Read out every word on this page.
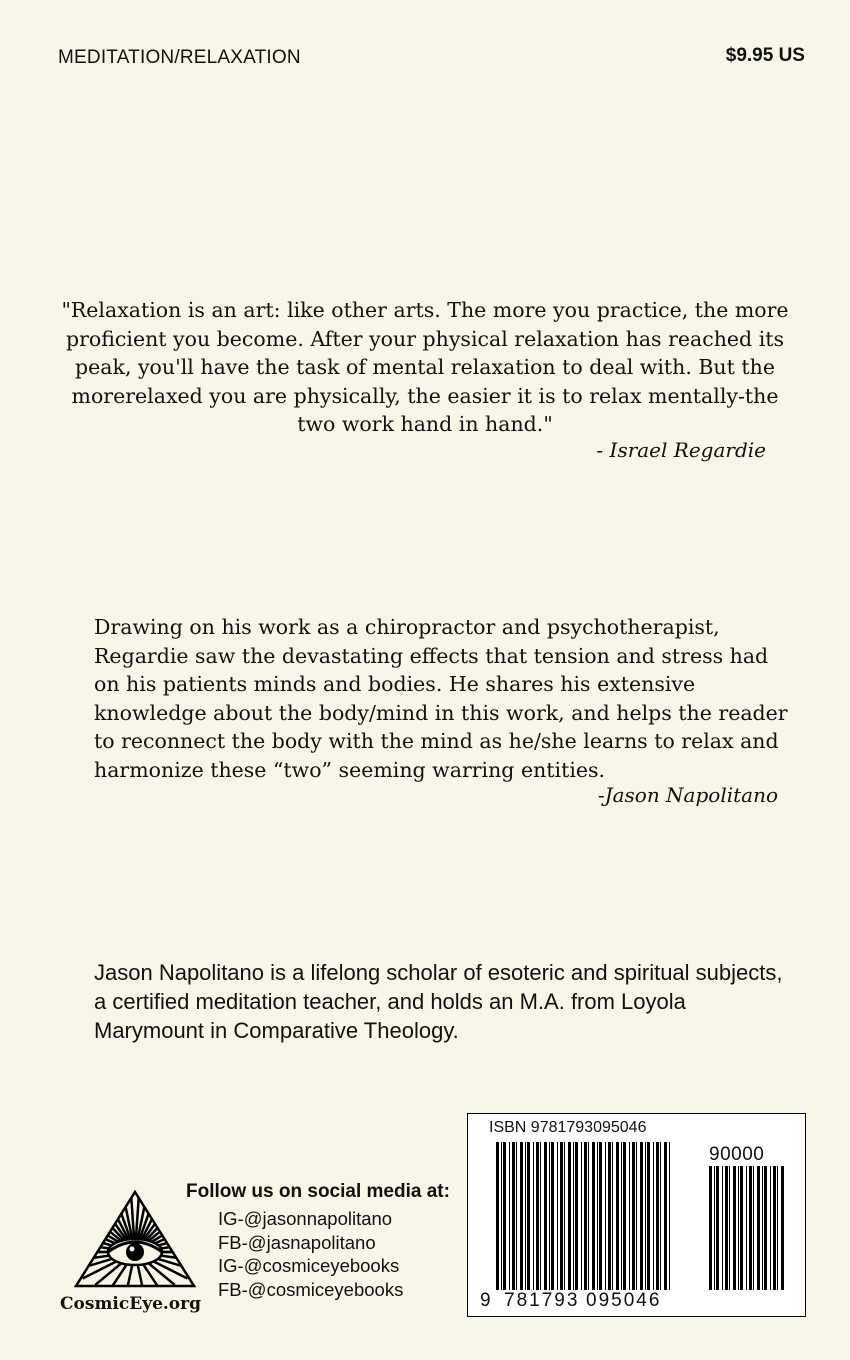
MEDITATION/RELAXATION	$9.95 US

"Relaxation is an art: like other arts. The more you practice, the more proficient you become. After your physical relaxation has reached its peak, you'll have the task of mental relaxation to deal with. But the morerelaxed you are physically, the easier it is to relax mentally-the two work hand in hand."

- Israel Regardie

Drawing on his work as a chiropractor and psychotherapist, Regardie saw the devastating effects that tension and stress had on his patients minds and bodies. He shares his extensive knowledge about the body/mind in this work, and helps the reader to reconnect the body with the mind as he/she learns to relax and harmonize these “two” seeming warring entities.

-Jason Napolitano

Jason Napolitano is a lifelong scholar of esoteric and spiritual subjects, a certified meditation teacher, and holds an M.A. from Loyola Marymount in Comparative Theology.

CosmicEye.org
Follow us on social media at:
IG-@jasonnapolitano
FB-@jasnapolitano
IG-@cosmiceyebooks
FB-@cosmiceyebooks
ISBN 9781793095046
90000
9 781793 095046
